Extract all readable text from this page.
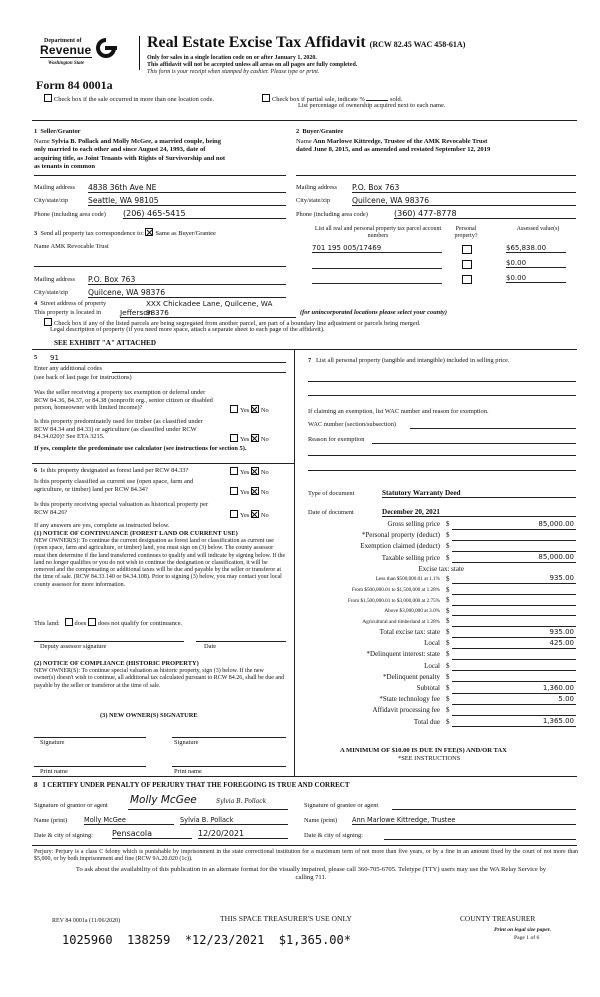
Department of
Revenue
Washington State
Real Estate Excise Tax Affidavit (RCW 82.45 WAC 458-61A)
Only for sales in a single location code on or after January 1, 2020.
This affidavit will not be accepted unless all areas on all pages are fully completed.
This form is your receipt when stamped by cashier. Please type or print.
Form 84 0001a
Check box if the sale occurred in more than one location code.	Check box if partial sale, indicate %	sold.
List percentage of ownership acquired next to each name.
1  Seller/Grantor
Name Sylvia B. Pollack and Molly McGee, a married couple, being
only married to each other and since August 24, 1993, date of
acquiring title, as Joint Tenants with Rights of Survivorship and not
as tenants in common
Mailing address 4838 36th Ave NE
City/state/zip	Seattle, WA 98105
Phone (including area code) (206) 465-5415
2  Buyer/Grantee
Name Ann Marlowe Kittredge, Trustee of the AMK Revocable Trust
dated June 8, 2015, and as amended and restated September 12, 2019
Mailing address P.O. Box 763
City/state/zip	Quilcene, WA 98376
Phone (including area code)	(360) 477-8778
3 Send all property tax correspondence to: Same as Buyer/Grantee
Name AMK Revocable Trust
Mailing address P.O. Box 763
City/state/zip	Quilcene, WA 98376
List all real and personal property tax parcel account numbers
Personal property?
Assessed value(s)
701 195 005/17469	$65,838.00
$0.00
$0.00
4 Street address of property	XXX Chickadee Lane, Quilcene, WA 98376
This property is located in	Jefferson	(for unincorporated locations please select your county)
Check box if any of the listed parcels are being segregated from another parcel, are part of a boundary line adjustment or parcels being merged.
Legal description of property (if you need more space, attach a separate sheet to each page of the affidavit).
SEE EXHIBIT "A" ATTACHED
5 91
Enter any additional codes
(see back of last page for instructions)
Was the seller receiving a property tax exemption or deferral under RCW 84.36, 84.37, or 84.38 (nonprofit org., senior citizen or disabled person, homeowner with limited income)?	Yes No
Is this property predominately used for timber (as classified under RCW 84.34 and 84.33) or agriculture (as classified under RCW 84.34.020)? See ETA 3215.	Yes No
If yes, complete the predominate use calculator (see instructions for section 5).
6 Is this property designated as forest land per RCW 84.33?	Yes No
Is this property classified as current use (open space, farm and agriculture, or timber) land per RCW 84.34?	Yes No
Is this property receiving special valuation as historical property per RCW 84.26?	Yes No
If any answers are yes, complete as instructed below.
(1) NOTICE OF CONTINUANCE (FOREST LAND OR CURRENT USE)
NEW OWNER(S): To continue the current designation as forest land or classification as current use (open space, farm and agriculture, or timber) land, you must sign on (3) below. The county assessor must then determine if the land transferred continues to qualify and will indicate by signing below. If the land no longer qualifies or you do not wish to continue the designation or classification, it will be removed and the compensating or additional taxes will be due and payable by the seller or transferor at the time of sale. (RCW 84.33.140 or 84.34.108). Prior to signing (3) below, you may contact your local county assessor for more information.
This land: does does not qualify for continuance.
Deputy assessor signature	Date
(2) NOTICE OF COMPLIANCE (HISTORIC PROPERTY)
NEW OWNER(S): To continue special valuation as historic property, sign (3) below. If the new owner(s) doesn't wish to continue, all additional tax calculated pursuant to RCW 84.26, shall be due and payable by the seller or transferor at the time of sale.
(3) NEW OWNER(S) SIGNATURE
Signature	Signature
Print name	Print name
7 List all personal property (tangible and intangible) included in selling price.
If claiming an exemption, list WAC number and reason for exemption.
WAC number (section/subsection)
Reason for exemption
Type of document	Statutory Warranty Deed
Date of document	December 20, 2021
Gross selling price $	85,000.00
*Personal property (deduct) $
Exemption claimed (deduct) $
Taxable selling price $	85,000.00
Excise tax: state
Less than $500,000.01 at 1.1% $	935.00
From $500,000.01 to $1,500,000 at 1.28% $
From $1,500,000.01 to $3,000,000 at 2.75% $
Above $3,000,000 at 3.0% $
Agricultural and timberland at 1.28% $
Total excise tax: state $	935.00
Local $	425.00
*Delinquent interest: state $
Local $
*Delinquent penalty $
Subtotal $	1,360.00
*State technology fee $	5.00
Affidavit processing fee $
Total due $	1,365.00
A MINIMUM OF $10.00 IS DUE IN FEE(S) AND/OR TAX
*SEE INSTRUCTIONS
8   I CERTIFY UNDER PENALTY OF PERJURY THAT THE FOREGOING IS TRUE AND CORRECT
Signature of grantor or agent Molly McGee	Sylvia B. Pollack
Signature of grantee or agent
Name (print)	Molly McGee	Sylvia B. Pollack	Name (print) Ann Marlowe Kittredge, Trustee
Date & city of signing: Pensacola	12/20/2021	Date & city of signing:
Perjury: Perjury is a class C felony which is punishable by imprisonment in the state correctional institution for a maximum term of not more than five years, or by a fine in an amount fixed by the court of not more than $5,000, or by both imprisonment and fine (RCW 9A.20.020 (1c)).
To ask about the availability of this publication in an alternate format for the visually impaired, please call 360-705-6705. Teletype (TTY) users may use the WA Relay Service by calling 711.
REV 84 0001a (11/06/2020)	THIS SPACE TREASURER'S USE ONLY	COUNTY TREASURER
Print on legal size paper.
Page 1 of 6
1025960  138259  *12/23/2021  $1,365.00*
